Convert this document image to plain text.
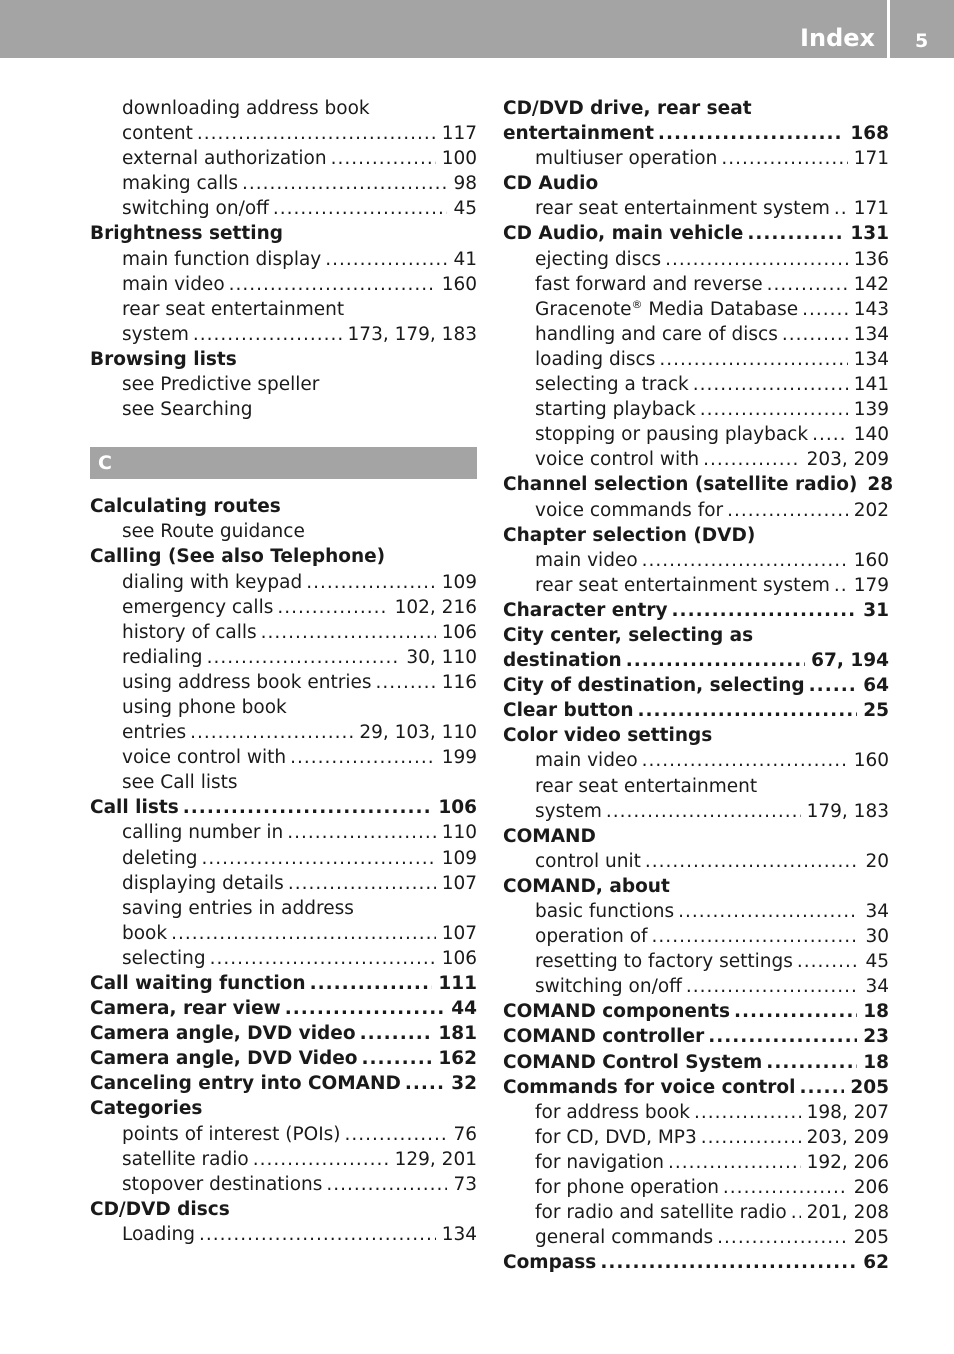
Index 5
downloading address book
content .....	117
external authorization .....	100
making calls .....	98
switching on/off .....	45
Brightness setting
main function display .....	41
main video .....	160
rear seat entertainment
system .....	173, 179, 183
Browsing lists
see Predictive speller
see Searching
C
Calculating routes
see Route guidance
Calling (See also Telephone)
dialing with keypad .....	109
emergency calls .....	102, 216
history of calls .....	106
redialing .....	30, 110
using address book entries .....	116
using phone book
entries .....	29, 103, 110
voice control with .....	199
see Call lists
Call lists .....	106
calling number in .....	110
deleting .....	109
displaying details .....	107
saving entries in address
book .....	107
selecting .....	106
Call waiting function .....	111
Camera, rear view .....	44
Camera angle, DVD video .....	181
Camera angle, DVD Video .....	162
Canceling entry into COMAND .....	32
Categories
points of interest (POIs) .....	76
satellite radio .....	129, 201
stopover destinations .....	73
CD/DVD discs
Loading .....	134
CD/DVD drive, rear seat
entertainment .....	168
multiuser operation .....	171
CD Audio
rear seat entertainment system ..... 171
CD Audio, main vehicle .....	131
ejecting discs .....	136
fast forward and reverse .....	142
Gracenote® Media Database .....	143
handling and care of discs .....	134
loading discs .....	134
selecting a track .....	141
starting playback .....	139
stopping or pausing playback ..... 140
voice control with .....	203, 209
Channel selection (satellite radio) 28
voice commands for .....	202
Chapter selection (DVD)
main video .....	160
rear seat entertainment system ..... 179
Character entry .....	31
City center, selecting as
destination .....	67, 194
City of destination, selecting .....	64
Clear button .....	25
Color video settings
main video .....	160
rear seat entertainment
system .....	179, 183
COMAND
control unit .....	20
COMAND, about
basic functions .....	34
operation of .....	30
resetting to factory settings .....	45
switching on/off .....	34
COMAND components .....	18
COMAND controller .....	23
COMAND Control System .....	18
Commands for voice control .....	205
for address book .....	198, 207
for CD, DVD, MP3 .....	203, 209
for navigation .....	192, 206
for phone operation .....	206
for radio and satellite radio ..... 201, 208
general commands .....	205
Compass .....	62
